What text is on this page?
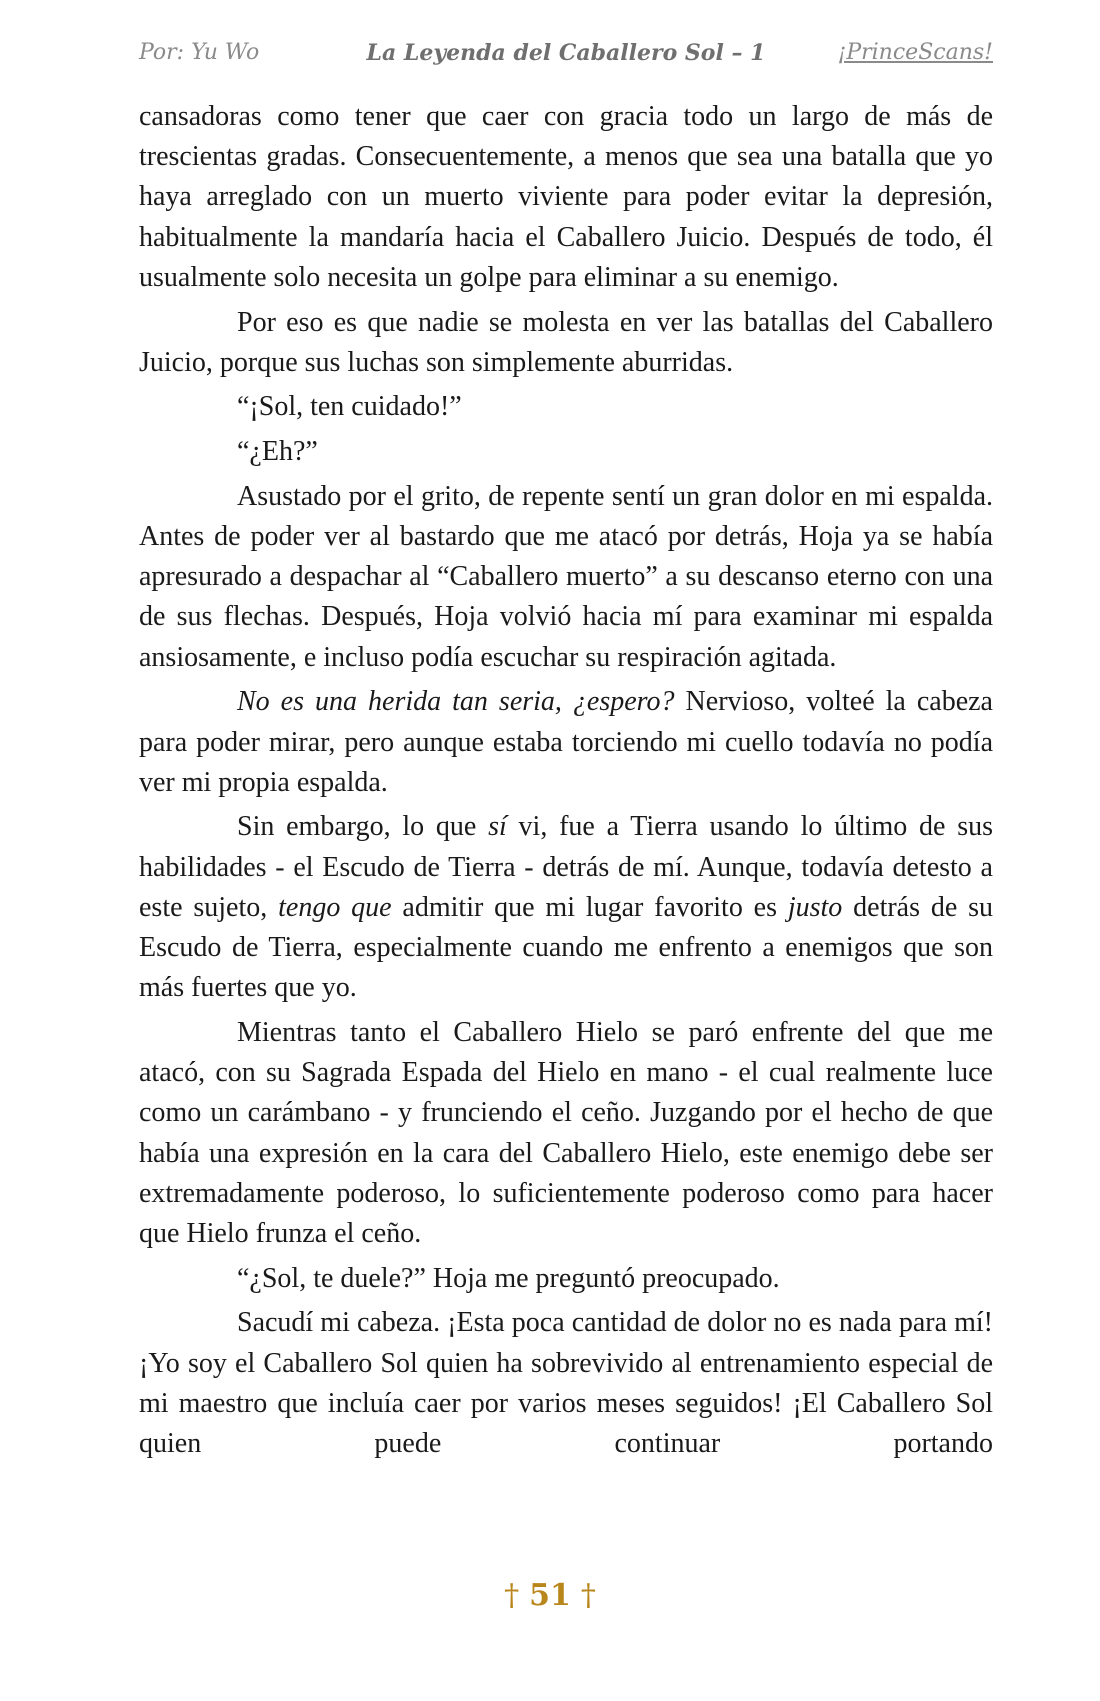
Por: Yu Wo	La Leyenda del Caballero Sol – 1	¡PrinceScans!

cansadoras como tener que caer con gracia todo un largo de más de trescientas gradas. Consecuentemente, a menos que sea una batalla que yo haya arreglado con un muerto viviente para poder evitar la depresión, habitualmente la mandaría hacia el Caballero Juicio. Después de todo, él usualmente solo necesita un golpe para eliminar a su enemigo.

Por eso es que nadie se molesta en ver las batallas del Caballero Juicio, porque sus luchas son simplemente aburridas.

“¡Sol, ten cuidado!”

“¿Eh?”

Asustado por el grito, de repente sentí un gran dolor en mi espalda. Antes de poder ver al bastardo que me atacó por detrás, Hoja ya se había apresurado a despachar al “Caballero muerto” a su descanso eterno con una de sus flechas. Después, Hoja volvió hacia mí para examinar mi espalda ansiosamente, e incluso podía escuchar su respiración agitada.

No es una herida tan seria, ¿espero? Nervioso, volteé la cabeza para poder mirar, pero aunque estaba torciendo mi cuello todavía no podía ver mi propia espalda.

Sin embargo, lo que sí vi, fue a Tierra usando lo último de sus habilidades - el Escudo de Tierra - detrás de mí. Aunque, todavía detesto a este sujeto, tengo que admitir que mi lugar favorito es justo detrás de su Escudo de Tierra, especialmente cuando me enfrento a enemigos que son más fuertes que yo.

Mientras tanto el Caballero Hielo se paró enfrente del que me atacó, con su Sagrada Espada del Hielo en mano - el cual realmente luce como un carámbano - y frunciendo el ceño. Juzgando por el hecho de que había una expresión en la cara del Caballero Hielo, este enemigo debe ser extremadamente poderoso, lo suficientemente poderoso como para hacer que Hielo frunza el ceño.

“¿Sol, te duele?” Hoja me preguntó preocupado.

Sacudí mi cabeza. ¡Esta poca cantidad de dolor no es nada para mí! ¡Yo soy el Caballero Sol quien ha sobrevivido al entrenamiento especial de mi maestro que incluía caer por varios meses seguidos! ¡El Caballero Sol quien puede continuar portando

† 51 †
